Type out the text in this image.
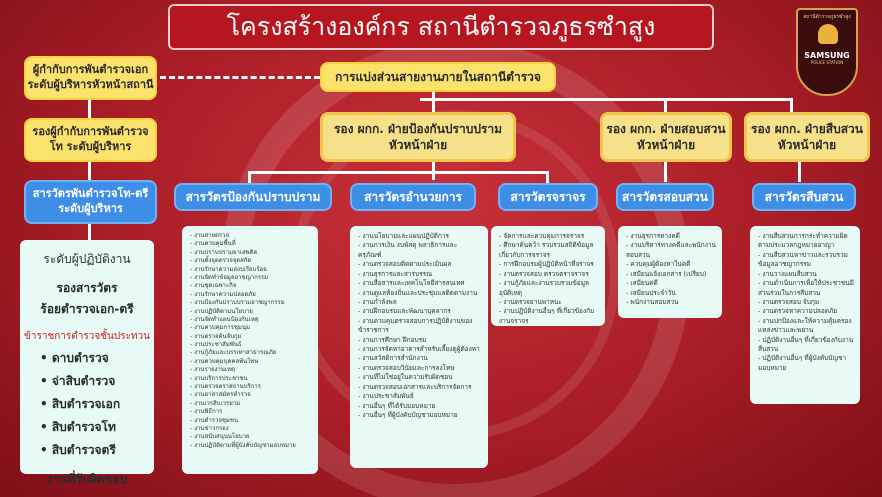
โครงสร้างองค์กร สถานีตำรวจภูธรซำสูง	สถานีตำรวจภูธรซำสูง
SAMSUNG
POLICE STATION
ผู้กำกับการพันตำรวจเอก ระดับผู้บริหารหัวหน้าสถานี
รองผู้กำกับการพันตำรวจโท ระดับผู้บริหาร
สารวัตรพันตำรวจโท-ตรี ระดับผู้บริหาร
ระดับผู้ปฏิบัติงาน
รองสารวัตร
ร้อยตำรวจเอก-ตรี
ข้าราชการตำรวจชั้นประทวน
• ดาบตำรวจ
• จ่าสิบตำรวจ
• สิบตำรวจเอก
• สิบตำรวจโท
• สิบตำรวจตรี
งานที่รับผิดชอบ
การแบ่งส่วนสายงานภายในสถานีตำรวจ
รอง ผกก. ฝ่ายป้องกันปราบปราม หัวหน้าฝ่าย
รอง ผกก. ฝ่ายสอบสวน หัวหน้าฝ่าย
รอง ผกก. ฝ่ายสืบสวน หัวหน้าฝ่าย
สารวัตรป้องกันปราบปราม	สารวัตรอำนวยการ	สารวัตรจราจร	สารวัตรสอบสวน	สารวัตรสืบสวน
- งานสายตรวจ
- งานควบคุมพื้นที่
- งานปราบปรามยาเสพติด
- งานตั้งจุดตรวจจุดสกัด
- งานรักษาความสงบเรียบร้อย
- งานจัดทำข้อมูลอาชญากรรม
- งานชุดเฉพาะกิจ
- งานรักษาความปลอดภัย
- งานป้องกันปราบปรามอาชญากรรม
- งานปฏิบัติตามนโยบาย
- งานจัดทำแผนป้องกันเหตุ
- งานควบคุมการชุมนุม
- งานตรวจค้นจับกุม
- งานประชาสัมพันธ์
- งานกู้ภัยและบรรเทาสาธารณภัย
- งานควบคุมบุคคลพ้นโทษ
- งานรายงานเหตุ
- งานบริการประชาชน
- งานตรวจตราสถานบริการ
- งานอาสาสมัครตำรวจ
- งานเวรสิบเวรยาม
- งานพิธีการ
- งานตำรวจชุมชน
- งานข่าวกรอง
- งานสนับสนุนนโยบาย
- งานปฏิบัติตามที่ผู้บังคับบัญชามอบหมาย
- งานนโยบายและแผนปฏิบัติการ
- งานการเงิน งบพัสดุ พลาธิการและครุภัณฑ์
- งานตรวจสอบติดตามประเมินผล
- งานธุรการและสารบรรณ
- งานสื่อสารและเทคโนโลยีสารสนเทศ
- งานดูแลท้องถิ่นและประชุมแลติดตามงาน
- งานกำลังพล
- งานฝึกอบรมและพัฒนาบุคลากร
- งานควบคุมตรวจสอบการปฏิบัติงานของข้าราชการ
- งานการศึกษา ฝึกอบรม
- งานการจัดหาอาคารสำหรับเลี้ยงดูผู้ต้องหา
- งานสวัสดิการสำนักงาน
- งานตรวจสอบวินัยและการลงโทษ
- งานที่ไม่ใช่อยู่ในความรับผิดชอบ
- งานตรวจสอบเอกสารและบริการจัดการ
- งานประชาสัมพันธ์
- งานอื่นๆ ที่ได้รับมอบหมาย
- งานอื่นๆ ที่ผู้บังคับบัญชามอบหมาย
- จัดการและควบคุมการจราจร
- ศึกษาค้นคว้า รวบรวมสถิติข้อมูลเกี่ยวกับการจราจร
- การฝึกอบรมผู้ปฏิบัติหน้าที่จราจร
- งานตรวจสอบ ตรวจตราจราจร
- งานกู้ภัยและงานรวบรวมข้อมูลอุบัติเหตุ
- งานตรวจยานพาหนะ
- งานปฏิบัติงานอื่นๆ ที่เกี่ยวข้องกับงานจราจร
- งานธุรการทางคดี
- งานบริหารทางคดีและพนักงานสอบสวน
- ควบคุมผู้ต้องหาในคดี
- เสมียนแจ้งเอกสาร (เปรียบ)
- เสมียนคดี
- เสมียนประจำวัน
- พนักงานสอบสวน
- งานสืบสวนการกระทำความผิดตามประมวลกฎหมายอาญา
- งานสืบสวนหาข่าวและรวบรวมข้อมูลอาชญากรรม
- งานวางแผนสืบสวน
- งานดำเนินการเพื่อให้ประชาชนมีส่วนร่วมในการสืบสวน
- งานตรวจสอบ จับกุม
- งานตรวจหาความปลอดภัย
- งานปกป้องและให้ความคุ้มครองแหล่งข่าวและพยาน
- ปฏิบัติงานอื่นๆ ที่เกี่ยวข้องกับงานสืบสวน
- ปฏิบัติงานอื่นๆ ที่ผู้บังคับบัญชามอบหมาย
